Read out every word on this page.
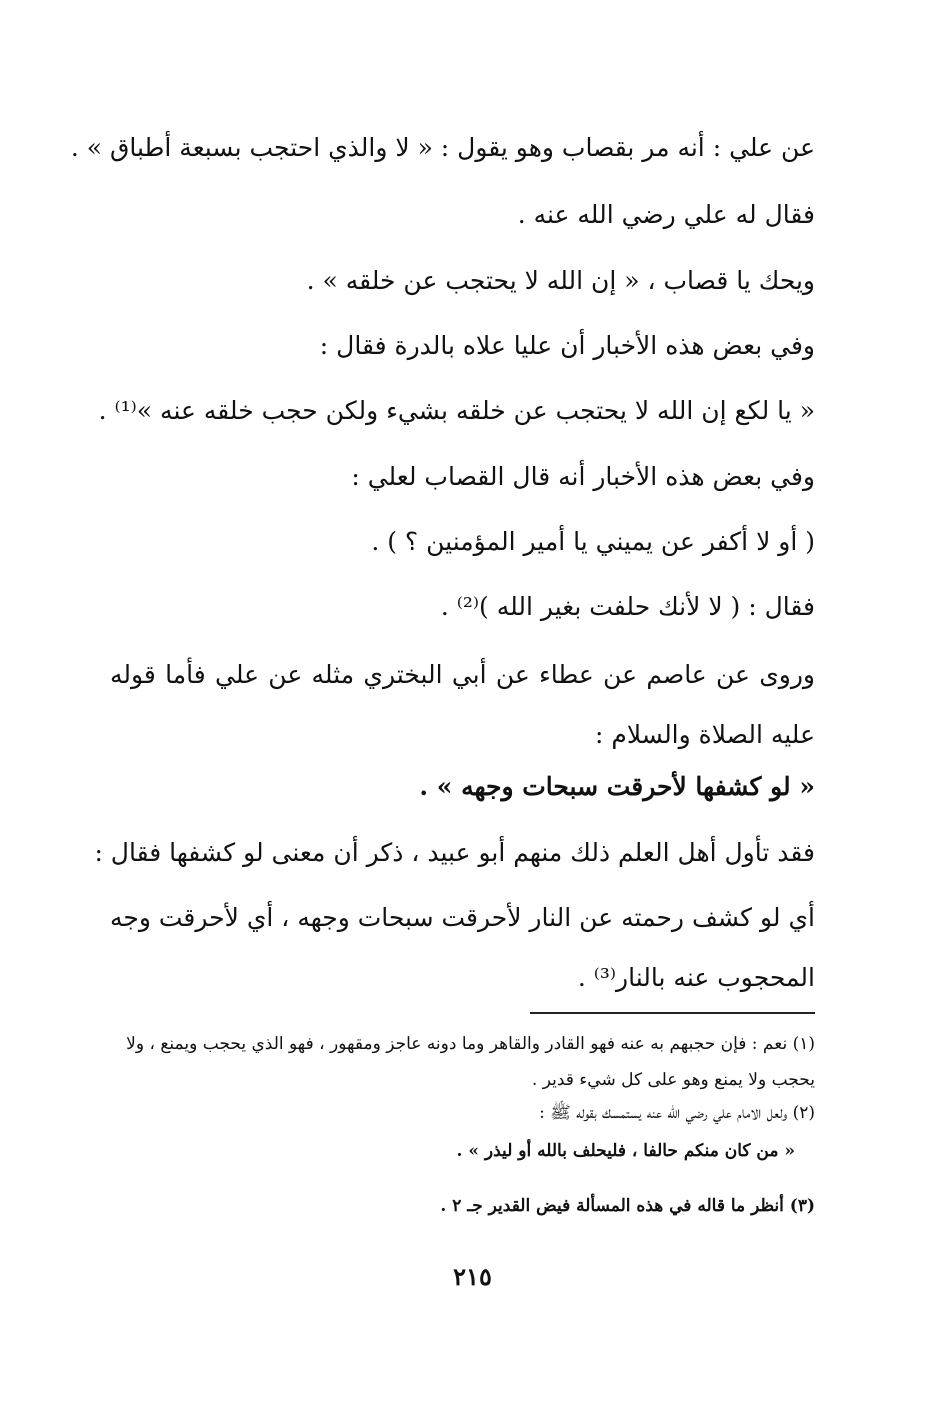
عن علي : أنه مر بقصاب وهو يقول : « لا والذي احتجب بسبعة أطباق » .
فقال له علي رضي الله عنه .
ويحك يا قصاب ، « إن الله لا يحتجب عن خلقه » .
وفي بعض هذه الأخبار أن عليا علاه بالدرة فقال :
« يا لكع إن الله لا يحتجب عن خلقه بشيء ولكن حجب خلقه عنه »⁽¹⁾ .
وفي بعض هذه الأخبار أنه قال القصاب لعلي :
( أو لا أكفر عن يميني يا أمير المؤمنين ؟ ) .
فقال : ( لا لأنك حلفت بغير الله )⁽²⁾ .
وروى عن عاصم عن عطاء عن أبي البختري مثله عن علي فأما قوله عليه الصلاة والسلام :
« لو كشفها لأحرقت سبحات وجهه » .
فقد تأول أهل العلم ذلك منهم أبو عبيد ، ذكر أن معنى لو كشفها فقال :
أي لو كشف رحمته عن النار لأحرقت سبحات وجهه ، أي لأحرقت وجه المحجوب عنه بالنار⁽³⁾ .
(١) نعم : فإن حجبهم به عنه فهو القادر والقاهر وما دونه عاجز ومقهور ، فهو الذي يحجب ويمنع ، ولا يحجب ولا يمنع وهو على كل شيء قدير .
(٢) ولعل الامام علي رضي الله عنه يستمسك بقوله ﷺ :
« من كان منكم حالفا ، فليحلف بالله أو ليذر » .
(٣) أنظر ما قاله في هذه المسألة فيض القدير جـ ٢ .
٢١٥
